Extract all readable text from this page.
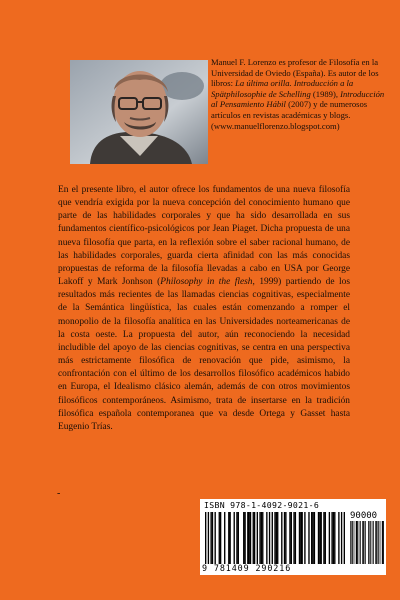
Manuel F. Lorenzo es profesor de Filosofía en la Universidad de Oviedo (España). Es autor de los libros: La última orilla. Introducción a la Spätphilosophie de Schelling (1989), Introducción al Pensamiento Hábil (2007) y de numerosos artículos en revistas académicas y blogs. (www.manuelflorenzo.blogspot.com)

En el presente libro, el autor ofrece los fundamentos de una nueva filosofía que vendría exigida por la nueva concepción del conocimiento humano que parte de las habilidades corporales y que ha sido desarrollada en sus fundamentos científico-psicológicos por Jean Piaget. Dicha propuesta de una nueva filosofía que parta, en la reflexión sobre el saber racional humano, de las habilidades corporales, guarda cierta afinidad con las más conocidas propuestas de reforma de la filosofía llevadas a cabo en USA por George Lakoff y Mark Jonhson (Philosophy in the flesh, 1999) partiendo de los resultados más recientes de las llamadas ciencias cognitivas, especialmente de la Semántica lingüística, las cuales están comenzando a romper el monopolio de la filosofía analítica en las Universidades norteamericanas de la costa oeste. La propuesta del autor, aún reconociendo la necesidad includible del apoyo de las ciencias cognitivas, se centra en una perspectiva más estrictamente filosófica de renovación que pide, asimismo, la confrontación con el último de los desarrollos filosófico académicos habido en Europa, el Idealismo clásico alemán, además de con otros movimientos filosóficos contemporáneos. Asimismo, trata de insertarse en la tradición filosófica española contemporanea que va desde Ortega y Gasset hasta Eugenio Trías.

-
ISBN 978-1-4092-9021-6
90000
9 781409 290216
